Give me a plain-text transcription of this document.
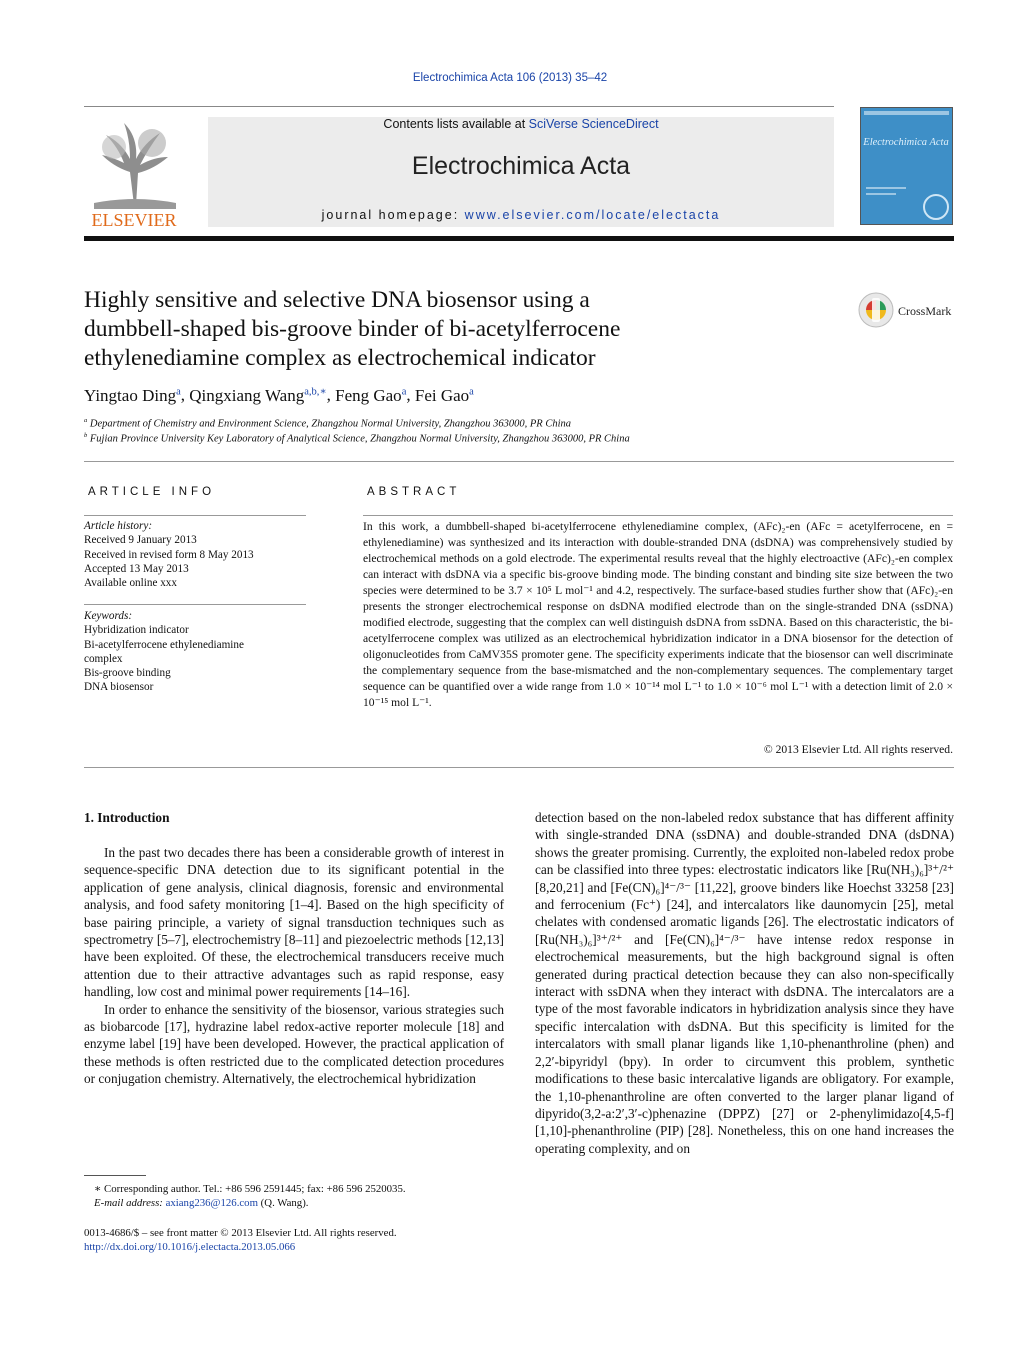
Electrochimica Acta 106 (2013) 35–42
ELSEVIER
Contents lists available at SciVerse ScienceDirect
Electrochimica Acta
journal homepage: www.elsevier.com/locate/electacta
Electrochimica Acta
Highly sensitive and selective DNA biosensor using a
dumbbell-shaped bis-groove binder of bi-acetylferrocene
ethylenediamine complex as electrochemical indicator
CrossMark
Yingtao Ding$^a$, Qingxiang Wang$^{a,b,∗}$, Feng Gao$^a$, Fei Gao$^a$
$^a$ Department of Chemistry and Environment Science, Zhangzhou Normal University, Zhangzhou 363000, PR China
$^b$ Fujian Province University Key Laboratory of Analytical Science, Zhangzhou Normal University, Zhangzhou 363000, PR China
ARTICLE INFO
Article history:
Received 9 January 2013
Received in revised form 8 May 2013
Accepted 13 May 2013
Available online xxx
Keywords:
Hybridization indicator
Bi-acetylferrocene ethylenediamine
complex
Bis-groove binding
DNA biosensor
ABSTRACT
In this work, a dumbbell-shaped bi-acetylferrocene ethylenediamine complex, (AFc)₂-en (AFc = acetylferrocene, en = ethylenediamine) was synthesized and its interaction with double-stranded DNA (dsDNA) was comprehensively studied by electrochemical methods on a gold electrode. The experimental results reveal that the highly electroactive (AFc)₂-en complex can interact with dsDNA via a specific bis-groove binding mode. The binding constant and binding site size between the two species were determined to be 3.7 × 10⁵ L mol⁻¹ and 4.2, respectively. The surface-based studies further show that (AFc)₂-en presents the stronger electrochemical response on dsDNA modified electrode than on the single-stranded DNA (ssDNA) modified electrode, suggesting that the complex can well distinguish dsDNA from ssDNA. Based on this characteristic, the bi-acetylferrocene complex was utilized as an electrochemical hybridization indicator in a DNA biosensor for the detection of oligonucleotides from CaMV35S promoter gene. The specificity experiments indicate that the biosensor can well discriminate the complementary sequence from the base-mismatched and the non-complementary sequences. The complementary target sequence can be quantified over a wide range from 1.0 × 10⁻¹⁴ mol L⁻¹ to 1.0 × 10⁻⁶ mol L⁻¹ with a detection limit of 2.0 × 10⁻¹⁵ mol L⁻¹.
© 2013 Elsevier Ltd. All rights reserved.
1. Introduction

In the past two decades there has been a considerable growth of interest in sequence-specific DNA detection due to its significant potential in the application of gene analysis, clinical diagnosis, forensic and environmental analysis, and food safety monitoring [1–4]. Based on the high specificity of base pairing principle, a variety of signal transduction techniques such as spectrometry [5–7], electrochemistry [8–11] and piezoelectric methods [12,13] have been exploited. Of these, the electrochemical transducers receive much attention due to their attractive advantages such as rapid response, easy handling, low cost and minimal power requirements [14–16].

In order to enhance the sensitivity of the biosensor, various strategies such as biobarcode [17], hydrazine label redox-active reporter molecule [18] and enzyme label [19] have been developed. However, the practical application of these methods is often restricted due to the complicated detection procedures or conjugation chemistry. Alternatively, the electrochemical hybridization

detection based on the non-labeled redox substance that has different affinity with single-stranded DNA (ssDNA) and double-stranded DNA (dsDNA) shows the greater promising. Currently, the exploited non-labeled redox probe can be classified into three types: electrostatic indicators like [Ru(NH₃)₆]³⁺/²⁺ [8,20,21] and [Fe(CN)₆]⁴⁻/³⁻ [11,22], groove binders like Hoechst 33258 [23] and ferrocenium (Fc⁺) [24], and intercalators like daunomycin [25], metal chelates with condensed aromatic ligands [26]. The electrostatic indicators of [Ru(NH₃)₆]³⁺/²⁺ and [Fe(CN)₆]⁴⁻/³⁻ have intense redox response in electrochemical measurements, but the high background signal is often generated during practical detection because they can also non-specifically interact with ssDNA when they interact with dsDNA. The intercalators are a type of the most favorable indicators in hybridization analysis since they have specific intercalation with dsDNA. But this specificity is limited for the intercalators with small planar ligands like 1,10-phenanthroline (phen) and 2,2′-bipyridyl (bpy). In order to circumvent this problem, synthetic modifications to these basic intercalative ligands are obligatory. For example, the 1,10-phenanthroline are often converted to the larger planar ligand of dipyrido(3,2-a:2′,3′-c)phenazine (DPPZ) [27] or 2-phenylimidazo[4,5-f][1,10]-phenanthroline (PIP) [28]. Nonetheless, this on one hand increases the operating complexity, and on
∗ Corresponding author. Tel.: +86 596 2591445; fax: +86 596 2520035.
E-mail address: axiang236@126.com (Q. Wang).
0013-4686/$ – see front matter © 2013 Elsevier Ltd. All rights reserved.
http://dx.doi.org/10.1016/j.electacta.2013.05.066
